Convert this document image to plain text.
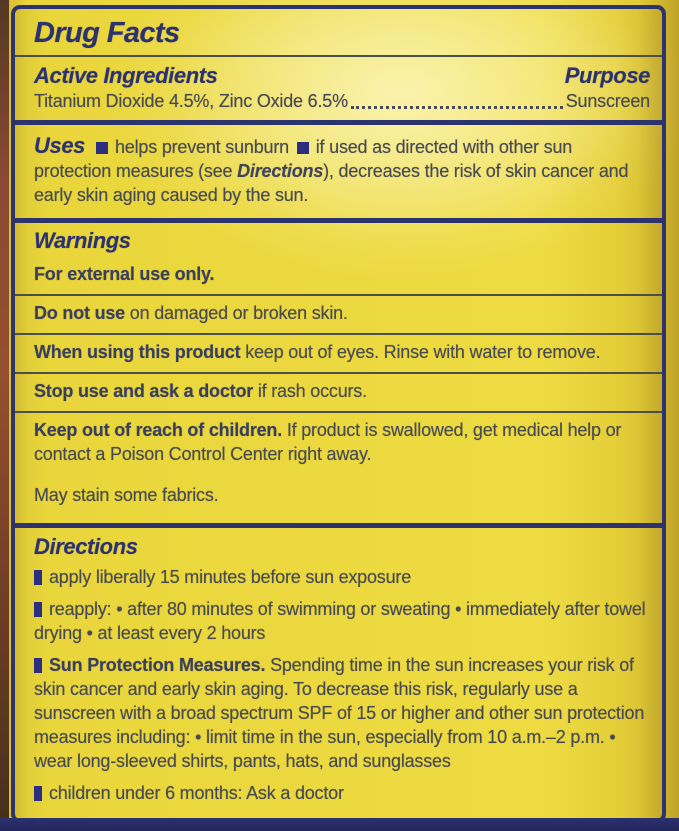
Drug Facts
Active Ingredients	Purpose
Titanium Dioxide 4.5%, Zinc Oxide 6.5%	Sunscreen

Uses helps prevent sunburn if used as directed with other sun protection measures (see Directions), decreases the risk of skin cancer and early skin aging caused by the sun.

Warnings

For external use only.

Do not use on damaged or broken skin.

When using this product keep out of eyes. Rinse with water to remove.

Stop use and ask a doctor if rash occurs.

Keep out of reach of children. If product is swallowed, get medical help or contact a Poison Control Center right away.

May stain some fabrics.

Directions

apply liberally 15 minutes before sun exposure

reapply: • after 80 minutes of swimming or sweating • immediately after towel drying • at least every 2 hours

Sun Protection Measures. Spending time in the sun increases your risk of skin cancer and early skin aging. To decrease this risk, regularly use a sunscreen with a broad spectrum SPF of 15 or higher and other sun protection measures including: • limit time in the sun, especially from 10 a.m.–2 p.m. • wear long-sleeved shirts, pants, hats, and sunglasses

children under 6 months: Ask a doctor
